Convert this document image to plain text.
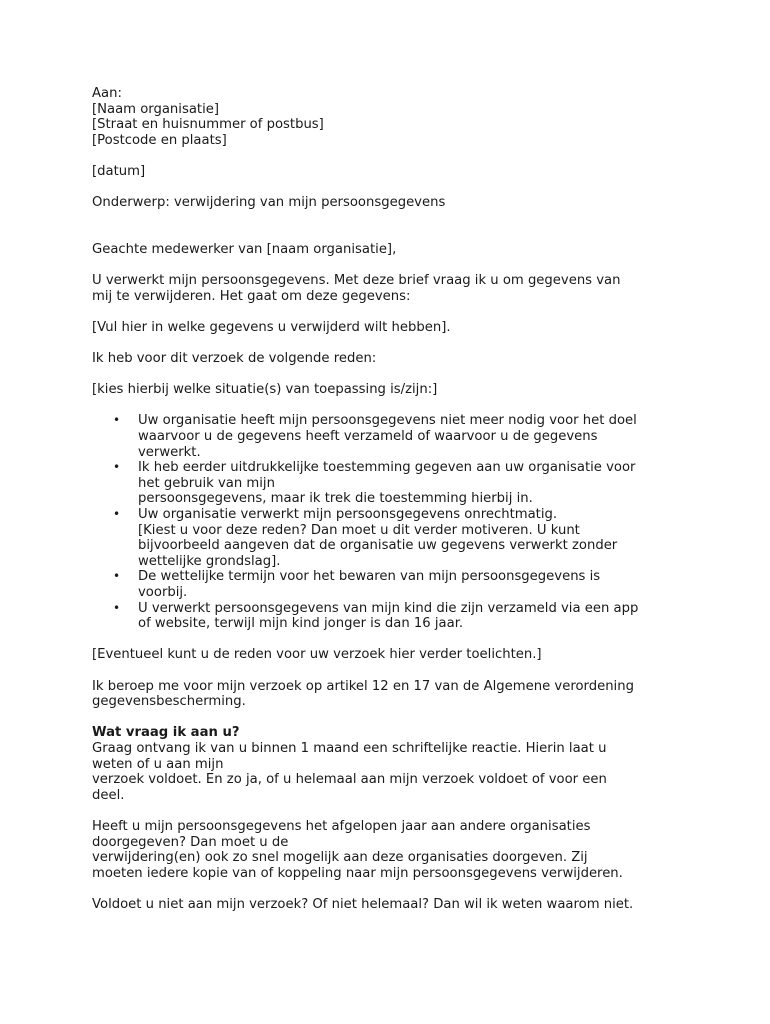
Aan:
[Naam organisatie]
[Straat en huisnummer of postbus]
[Postcode en plaats]
[datum]
Onderwerp: verwijdering van mijn persoonsgegevens
Geachte medewerker van [naam organisatie],
U verwerkt mijn persoonsgegevens. Met deze brief vraag ik u om gegevens van
mij te verwijderen. Het gaat om deze gegevens:
[Vul hier in welke gegevens u verwijderd wilt hebben].
Ik heb voor dit verzoek de volgende reden:
[kies hierbij welke situatie(s) van toepassing is/zijn:]
• Uw organisatie heeft mijn persoonsgegevens niet meer nodig voor het doel
waarvoor u de gegevens heeft verzameld of waarvoor u de gegevens
verwerkt.
• Ik heb eerder uitdrukkelijke toestemming gegeven aan uw organisatie voor
het gebruik van mijn
persoonsgegevens, maar ik trek die toestemming hierbij in.
• Uw organisatie verwerkt mijn persoonsgegevens onrechtmatig.
[Kiest u voor deze reden? Dan moet u dit verder motiveren. U kunt
bijvoorbeeld aangeven dat de organisatie uw gegevens verwerkt zonder
wettelijke grondslag].
• De wettelijke termijn voor het bewaren van mijn persoonsgegevens is
voorbij.
• U verwerkt persoonsgegevens van mijn kind die zijn verzameld via een app
of website, terwijl mijn kind jonger is dan 16 jaar.
[Eventueel kunt u de reden voor uw verzoek hier verder toelichten.]
Ik beroep me voor mijn verzoek op artikel 12 en 17 van de Algemene verordening
gegevensbescherming.
Wat vraag ik aan u?
Graag ontvang ik van u binnen 1 maand een schriftelijke reactie. Hierin laat u
weten of u aan mijn
verzoek voldoet. En zo ja, of u helemaal aan mijn verzoek voldoet of voor een
deel.
Heeft u mijn persoonsgegevens het afgelopen jaar aan andere organisaties
doorgegeven? Dan moet u de
verwijdering(en) ook zo snel mogelijk aan deze organisaties doorgeven. Zij
moeten iedere kopie van of koppeling naar mijn persoonsgegevens verwijderen.
Voldoet u niet aan mijn verzoek? Of niet helemaal? Dan wil ik weten waarom niet.
